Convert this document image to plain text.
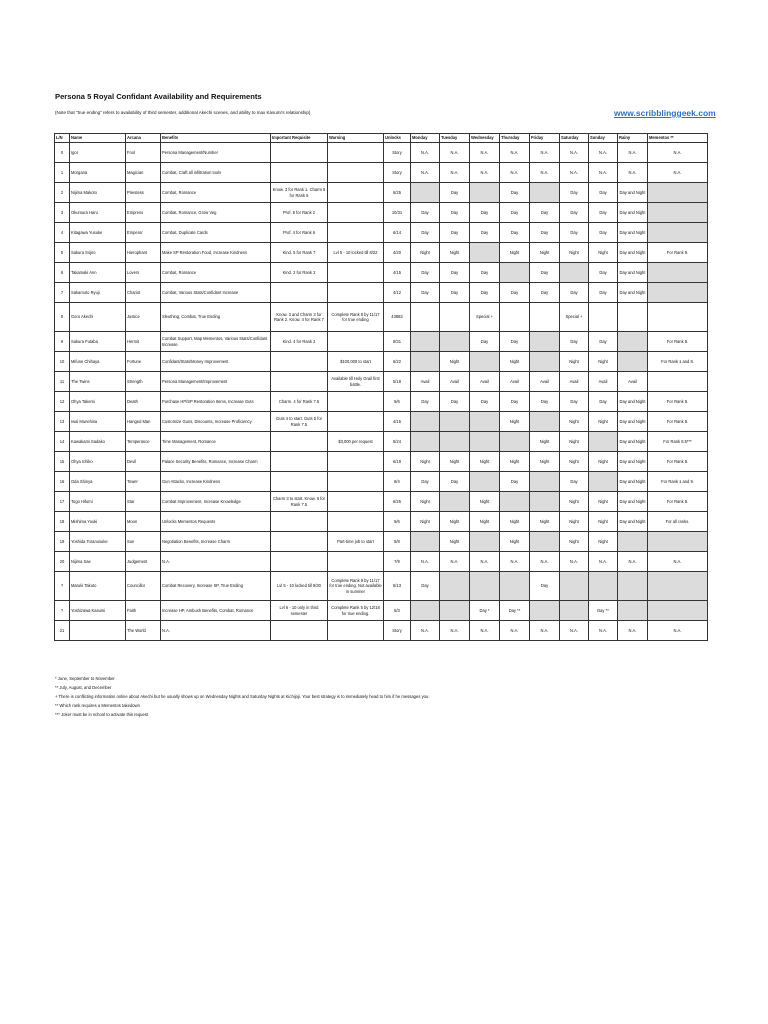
Persona 5 Royal Confidant Availability and Requirements
(Note that "true ending" refers to availability of third semester, additional Akechi scenes, and ability to max Kasumi's relationship)	www.scribblinggeek.com
L/N	Name	Arcana	Benefits	Important Requisite	Warning	Unlocks	Monday	Tuesday	Wednesday	Thursday	Friday	Saturday	Sunday	Rainy	Mementos **
0	Igor	Fool	Persona Management/Number			Story	N.A.	N.A.	N.A.	N.A.	N.A.	N.A.	N.A.	N.A.	N.A.
1	Morgana	Magician	Combat, Craft all infiltration tools			Story	N.A.	N.A.	N.A.	N.A.	N.A.	N.A.	N.A.	N.A.	N.A.
2	Nijima Makoto	Priestess	Combat, Romance	Know. 3 for Rank 1. Charm 5 for Rank 6		6/25		Day		Day		Day	Day	Day and Night	
3	Okumura Haru	Empress	Combat, Romance, Grow Veg	Prof. 5 for Rank 2		10/31	Day	Day	Day	Day	Day	Day	Day	Day and Night	
4	Kitagawa Yusuke	Emperor	Combat, Duplicate Cards	Prof. 4 for Rank 6		6/14	Day	Day	Day	Day	Day	Day	Day	Day and Night	
5	Sakura Sojiro	Hierophant	Make SP Restoration Food, Increase Kindness	Kind. 5 for Rank 7	Lvl 5 - 10 locked till 8/22	4/20	Night	Night		Night	Night	Night	Night	Day and Night	For Rank 9.
6	Takamaki Ann	Lovers	Combat, Romance	Kind. 2 for Rank 2		4/15	Day	Day	Day		Day		Day	Day and Night	
7	Sakamoto Ryuji	Chariot	Combat, Various Stats/Confidant Increase			4/12	Day	Day	Day	Day	Day	Day	Day	Day and Night	
8	Goro Akechi	Justice	Sleuthing, Combat, True Ending	Know. 3 and Charm 3 for Rank 2. Know. 4 for Rank 7	Complete Rank 8 by 11/17 for true ending	43983			Special +			Special +			
9	Sakura Futaba	Hermit	Combat Support, Map Mementos, Various Stats/Confidant Increase	Kind. 4 for Rank 2		8/31			Day	Day		Day	Day		For Rank 8.
10	Mifune Chihaya	Fortune	Confidant/Stats/Money Improvement		$100,000 to start	6/22		Night		Night		Night	Night		For Rank 1 and 8.
11	The Twins	Strength	Persona Management/Improvement		Available till Holy Grail first battle.	5/18	Avail	Avail	Avail	Avail	Avail	Avail	Avail	Avail	
12	Ohya Takemi	Death	Purchase HP/SP Restoration Items, Increase Guts	Charm. 4 for Rank 7.5		5/6	Day	Day	Day	Day	Day	Day	Day	Day and Night	For Rank 8.
13	Iwai Munehisa	Hanged Man	Customize Guns, Discounts, Increase Proficiency	Guts 4 to start. Guts 5 for Rank 7.5		4/15				Night		Night	Night	Day and Night	For Rank 8.
14	Kawakami Sadako	Temperance	Time Management, Romance		$3,000 per request	5/24					Night	Night		Day and Night	For Rank 8.5***
15	Ohya Ichiko	Devil	Palace Security Benefits, Romance, Increase Charm			6/18	Night	Night	Night	Night	Night	Night	Night	Day and Night	For Rank 8.
16	Oda Shinya	Tower	Gun Attacks, Increase Kindness			8/4	Day	Day		Day		Day		Day and Night	For Rank 1 and 9.
17	Togo Hifumi	Star	Combat Improvement, Increase Knowledge	Charm 3 to start. Know. 5 for Rank 7.5		6/25	Night		Night			Night	Night	Day and Night	For Rank 8.
18	Mishima Yuuki	Moon	Unlocks Mementos Requests			5/6	Night	Night	Night	Night	Night	Night	Night	Day and Night	For all ranks.
19	Yoshida Toranosuke	Sun	Negotiation Benefits, Increase Charm		Part-time job to start	5/8		Night		Night		Night	Night		
20	Nijima Sae	Judgement	N.A.			7/9	N.A.	N.A.	N.A.	N.A.	N.A.	N.A.	N.A.	N.A.	N.A.
?	Maruki Takuto	Councillor	Combat Recovery, Increase SP, True Ending	Lvl 5 - 10 locked till 9/30	Complete Rank 9 by 11/17 for true ending. Not available in summer	5/13	Day				Day				
?	Yoshizawa Kasumi	Faith	Increase HP, Ambush Benefits, Combat, Romance	Lvl 6 - 10 only in third semester	Complete Rank 5 by 12/18 for true ending.	5/3			Day *	Day **			Day **		
21		The World	N.A.			Story	N.A.	N.A.	N.A.	N.A.	N.A.	N.A.	N.A.	N.A.	N.A.
* June, September to November
** July, August, and December
+ There is conflicting information online about Akechi but he usually shows up on Wednesday Nights and Saturday Nights at Kichijoji. Your best strategy is to immediately head to him if he messages you.
** Which rank requires a Mementos takedown
*** Joker must be in school to activate this request
